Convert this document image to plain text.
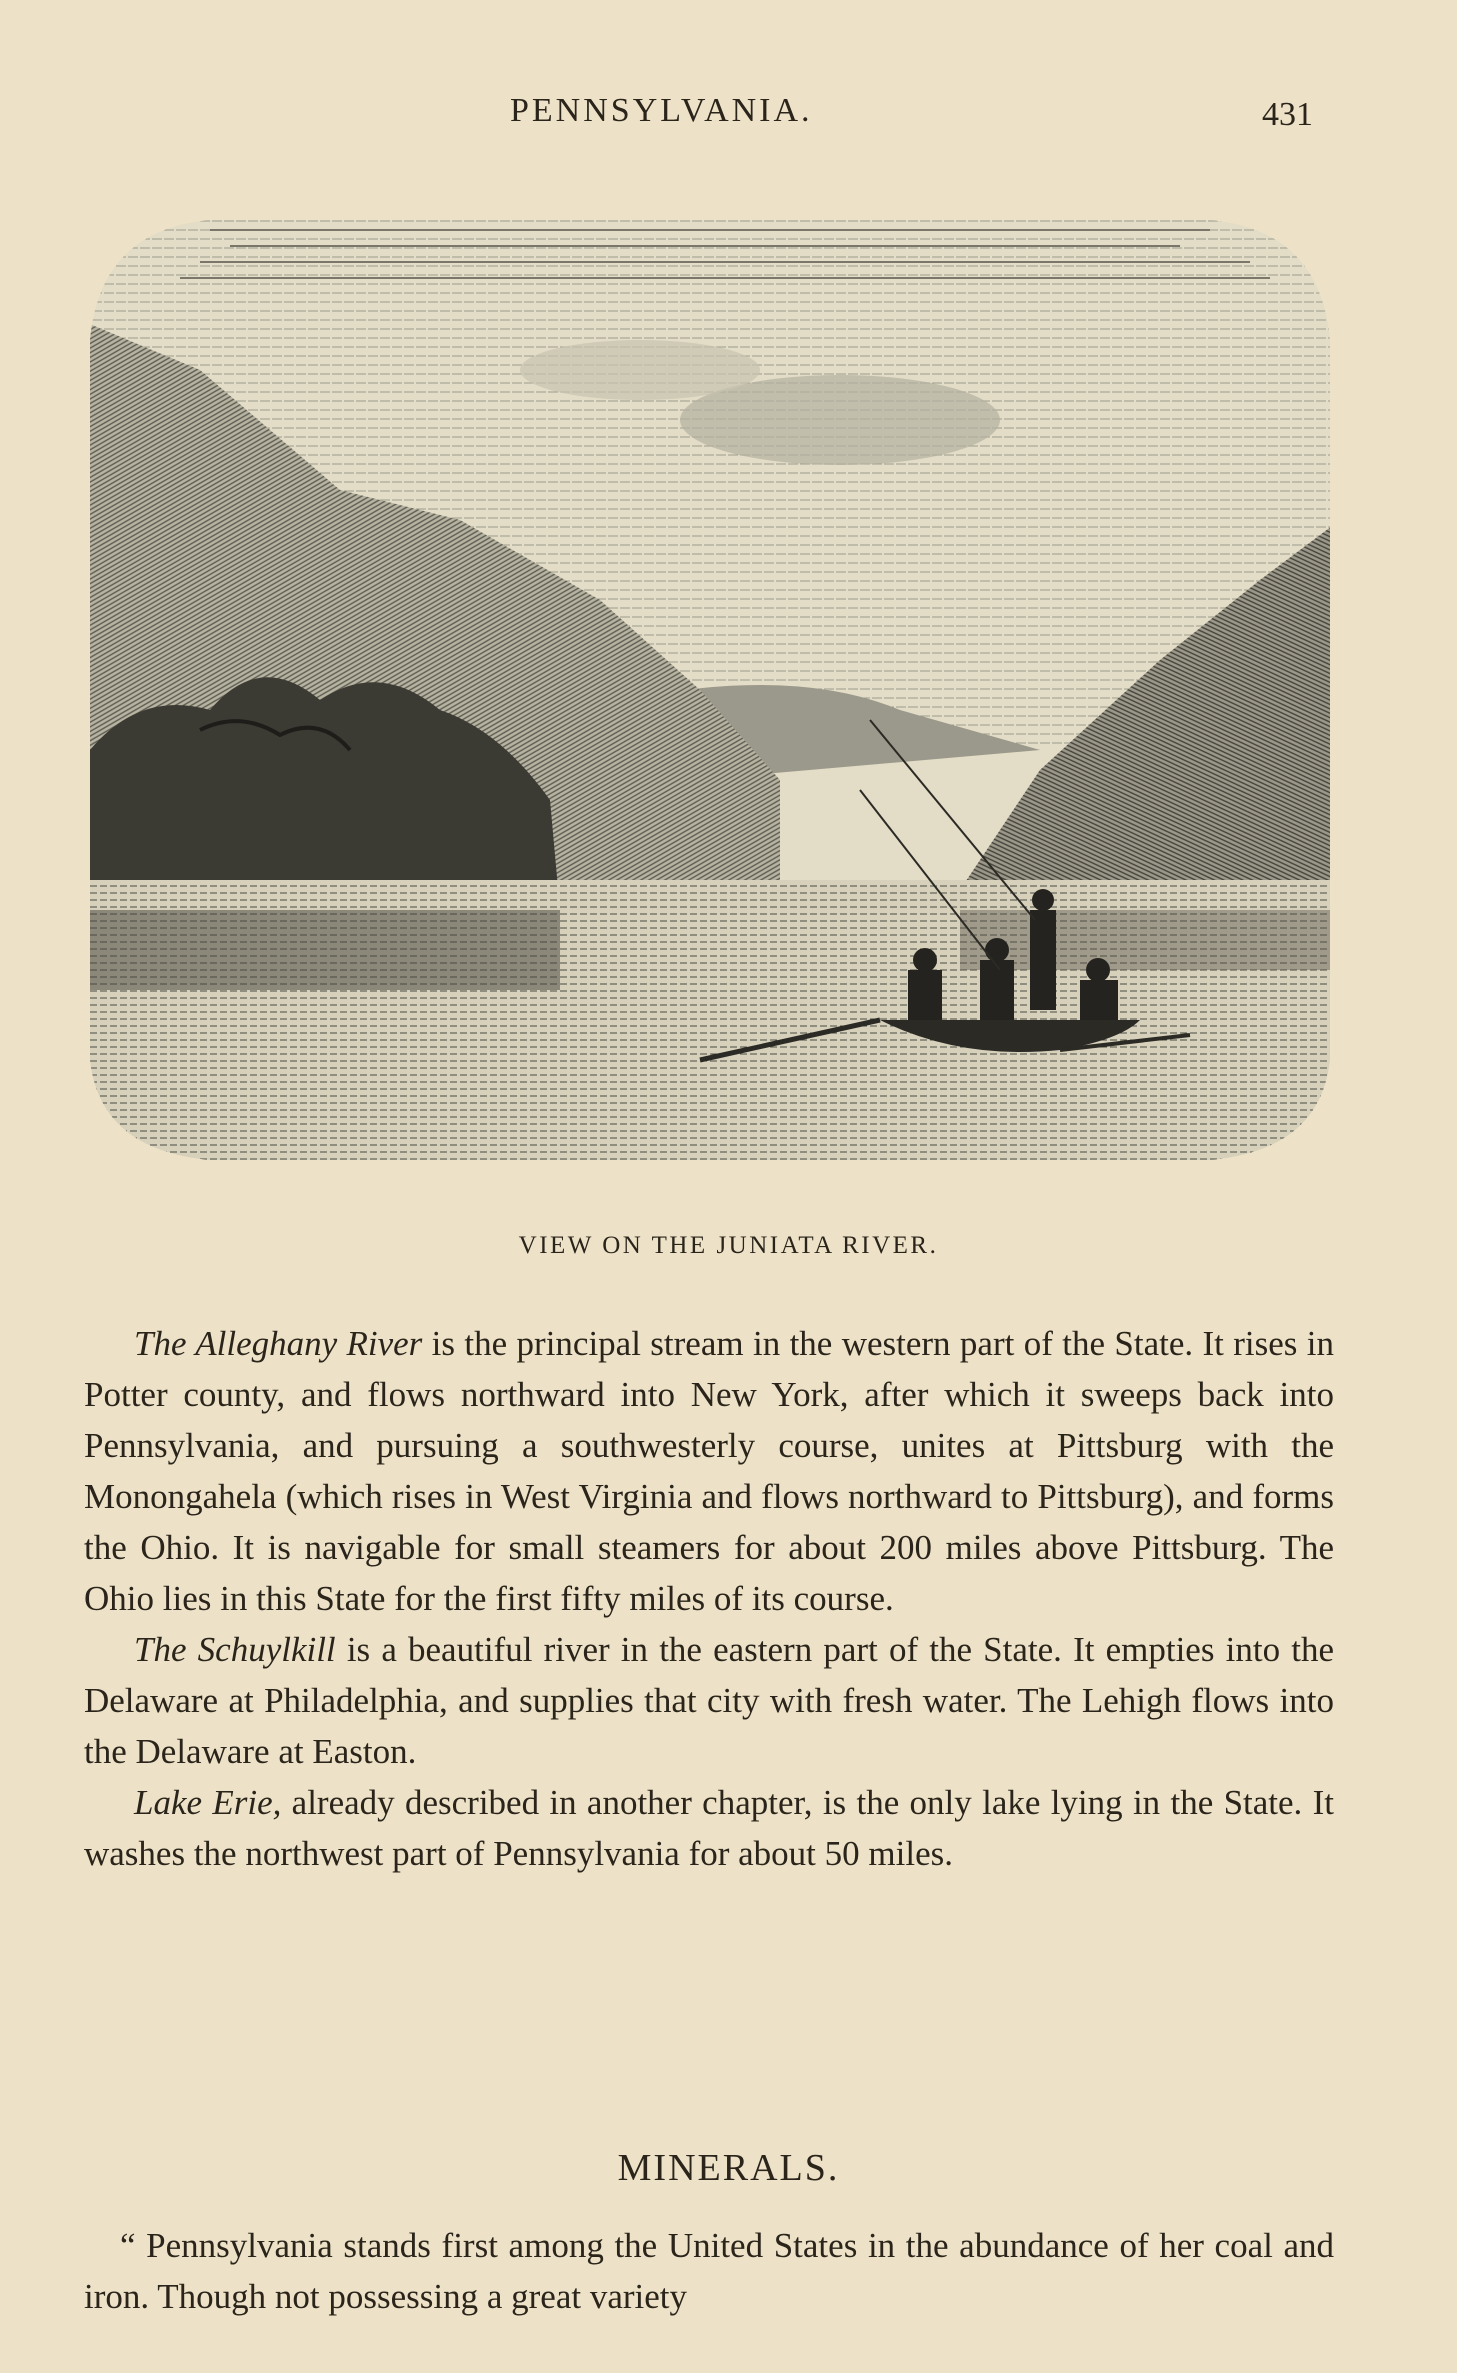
PENNSYLVANIA.	431
VIEW ON THE JUNIATA RIVER.

The Alleghany River is the principal stream in the western part of the State. It rises in Potter county, and flows northward into New York, after which it sweeps back into Pennsylvania, and pursuing a southwesterly course, unites at Pittsburg with the Monongahela (which rises in West Virginia and flows northward to Pittsburg), and forms the Ohio. It is navigable for small steamers for about 200 miles above Pittsburg. The Ohio lies in this State for the first fifty miles of its course.

The Schuylkill is a beautiful river in the eastern part of the State. It empties into the Delaware at Philadelphia, and supplies that city with fresh water. The Lehigh flows into the Delaware at Easton.

Lake Erie, already described in another chapter, is the only lake lying in the State. It washes the northwest part of Pennsylvania for about 50 miles.

MINERALS.

“ Pennsylvania stands first among the United States in the abundance of her coal and iron. Though not possessing a great variety
